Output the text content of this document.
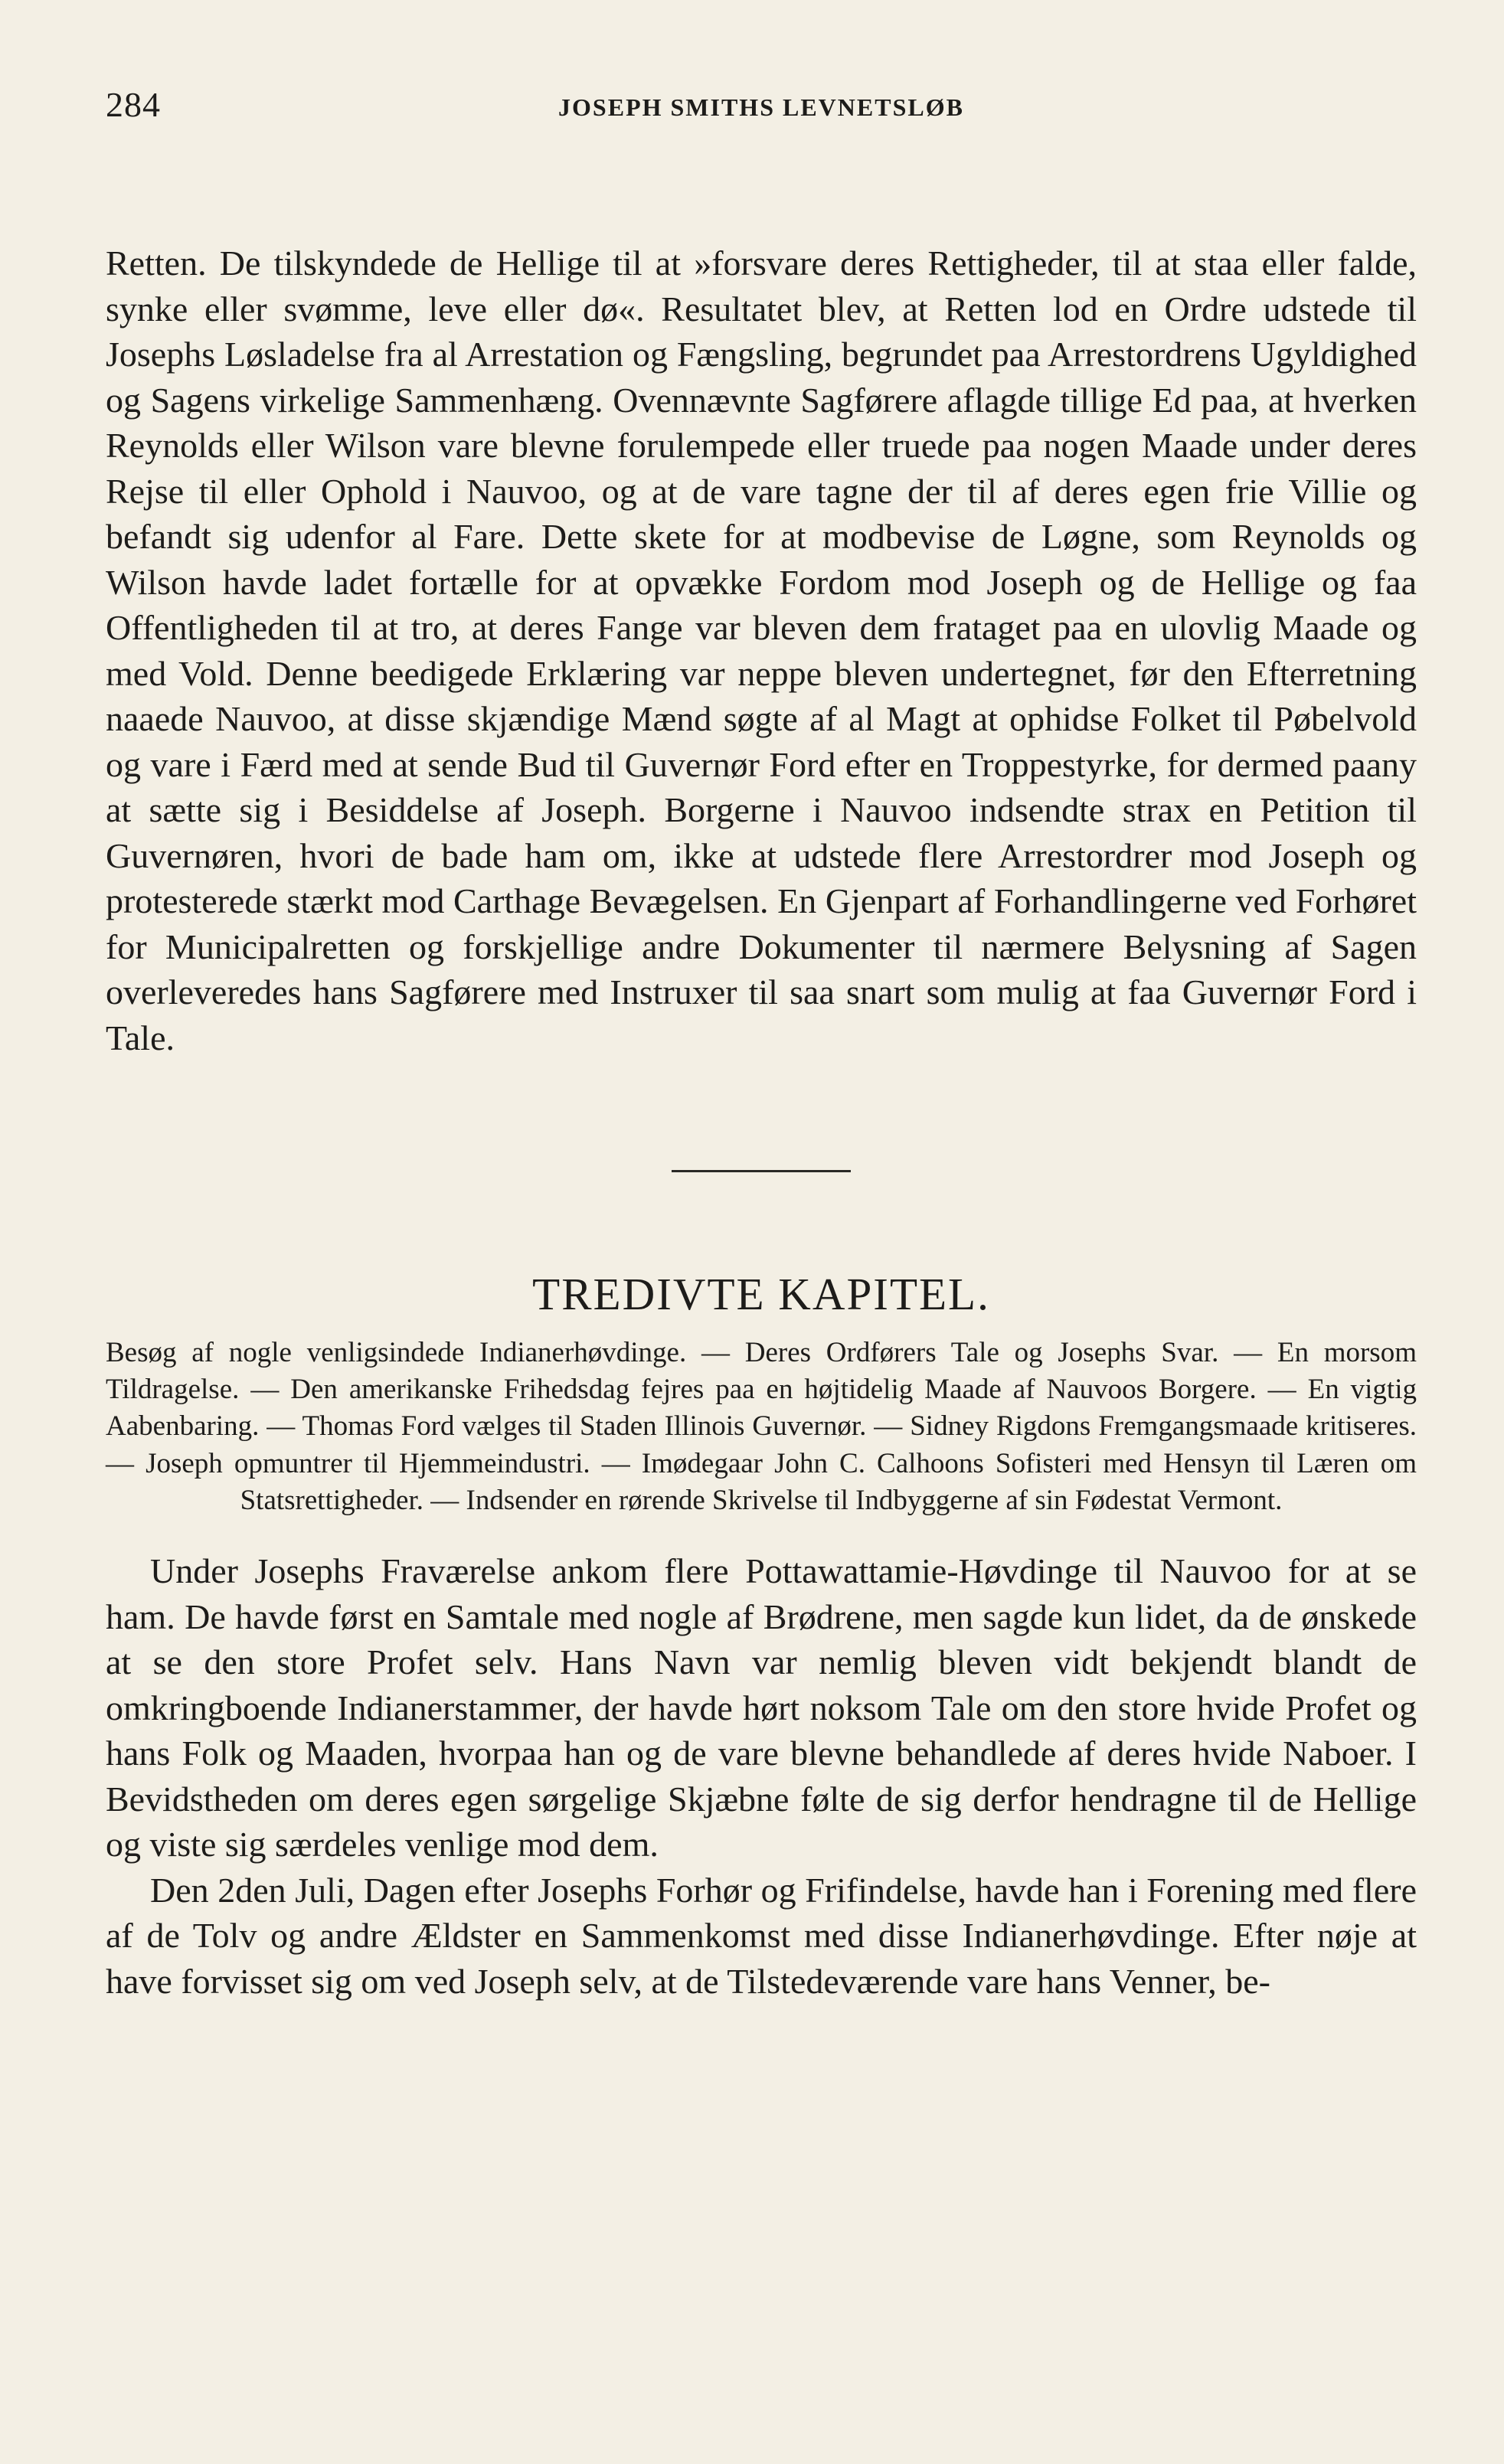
284	JOSEPH SMITHS LEVNETSLØB

Retten. De tilskyndede de Hellige til at »forsvare deres Rettigheder, til at staa eller falde, synke eller svømme, leve eller dø«. Resultatet blev, at Retten lod en Ordre udstede til Josephs Løsladelse fra al Arrestation og Fængsling, begrundet paa Arrestordrens Ugyldighed og Sagens virkelige Sammenhæng. Ovennævnte Sagførere aflagde tillige Ed paa, at hverken Reynolds eller Wilson vare blevne forulempede eller truede paa nogen Maade under deres Rejse til eller Ophold i Nauvoo, og at de vare tagne der til af deres egen frie Villie og befandt sig udenfor al Fare. Dette skete for at modbevise de Løgne, som Reynolds og Wilson havde ladet fortælle for at opvække Fordom mod Joseph og de Hellige og faa Offentligheden til at tro, at deres Fange var bleven dem frataget paa en ulovlig Maade og med Vold. Denne beedigede Erklæring var neppe bleven undertegnet, før den Efterretning naaede Nauvoo, at disse skjændige Mænd søgte af al Magt at ophidse Folket til Pøbelvold og vare i Færd med at sende Bud til Guvernør Ford efter en Troppestyrke, for dermed paany at sætte sig i Besiddelse af Joseph. Borgerne i Nauvoo indsendte strax en Petition til Guvernøren, hvori de bade ham om, ikke at udstede flere Arrestordrer mod Joseph og protesterede stærkt mod Carthage Bevægelsen. En Gjenpart af Forhandlingerne ved Forhøret for Municipalretten og forskjellige andre Dokumenter til nærmere Belysning af Sagen overleveredes hans Sagførere med Instruxer til saa snart som mulig at faa Guvernør Ford i Tale.

TREDIVTE KAPITEL.

Besøg af nogle venligsindede Indianerhøvdinge. — Deres Ordførers Tale og Josephs Svar. — En morsom Tildragelse. — Den amerikanske Frihedsdag fejres paa en højtidelig Maade af Nauvoos Borgere. — En vigtig Aabenbaring. — Thomas Ford vælges til Staden Illinois Guvernør. — Sidney Rigdons Fremgangsmaade kritiseres. — Joseph opmuntrer til Hjemmeindustri. — Imødegaar John C. Calhoons Sofisteri med Hensyn til Læren om Statsrettigheder. — Indsender en rørende Skrivelse til Indbyggerne af sin Fødestat Vermont.

Under Josephs Fraværelse ankom flere Pottawattamie-Høvdinge til Nauvoo for at se ham. De havde først en Samtale med nogle af Brødrene, men sagde kun lidet, da de ønskede at se den store Profet selv. Hans Navn var nemlig bleven vidt bekjendt blandt de omkringboende Indianerstammer, der havde hørt noksom Tale om den store hvide Profet og hans Folk og Maaden, hvorpaa han og de vare blevne behandlede af deres hvide Naboer. I Bevidstheden om deres egen sørgelige Skjæbne følte de sig derfor hendragne til de Hellige og viste sig særdeles venlige mod dem.

Den 2den Juli, Dagen efter Josephs Forhør og Frifindelse, havde han i Forening med flere af de Tolv og andre Ældster en Sammenkomst med disse Indianerhøvdinge. Efter nøje at have forvisset sig om ved Joseph selv, at de Tilstedeværende vare hans Venner, be-
